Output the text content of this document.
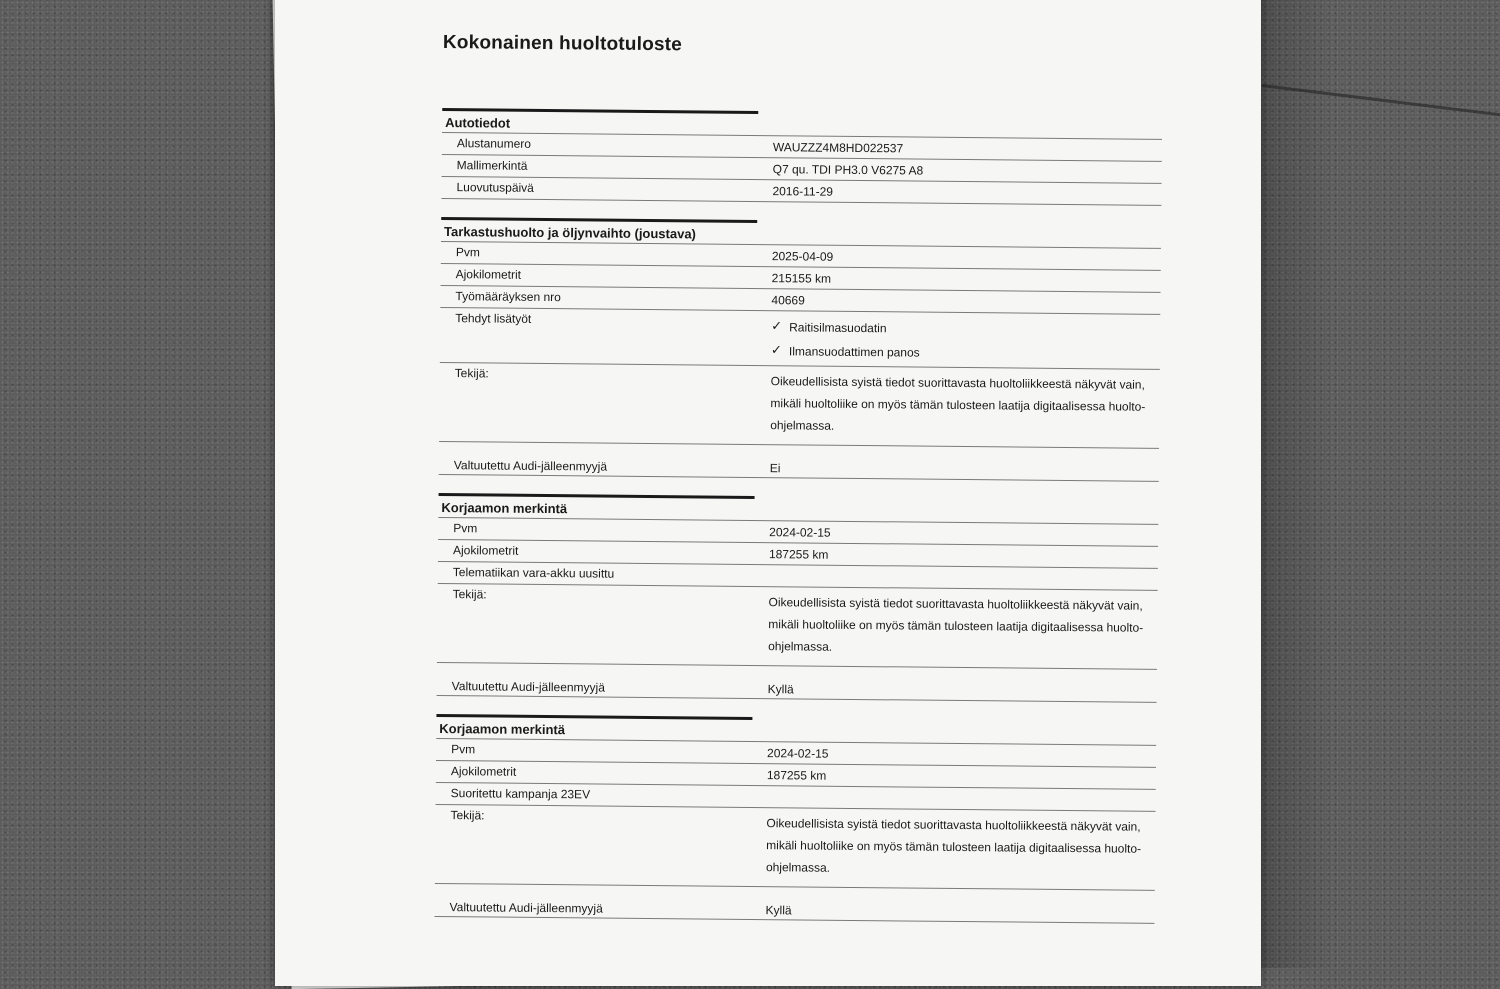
Kokonainen huoltotuloste
Autotiedot
Alustanumero	WAUZZZ4M8HD022537
Mallimerkintä	Q7 qu. TDI PH3.0 V6275 A8
Luovutuspäivä	2016-11-29
Tarkastushuolto ja öljynvaihto (joustava)
Pvm	2025-04-09
Ajokilometrit	215155 km
Työmääräyksen nro	40669
Tehdyt lisätyöt
✓ Raitisilmasuodatin
✓ Ilmansuodattimen panos
Tekijä:
Oikeudellisista syistä tiedot suorittavasta huoltoliikkeestä näkyvät vain, mikäli huoltoliike on myös tämän tulosteen laatija digitaalisessa huolto-ohjelmassa.
Valtuutettu Audi-jälleenmyyjä	Ei
Korjaamon merkintä
Pvm	2024-02-15
Ajokilometrit	187255 km
Telematiikan vara-akku uusittu
Tekijä:
Oikeudellisista syistä tiedot suorittavasta huoltoliikkeestä näkyvät vain, mikäli huoltoliike on myös tämän tulosteen laatija digitaalisessa huolto-ohjelmassa.
Valtuutettu Audi-jälleenmyyjä	Kyllä
Korjaamon merkintä
Pvm	2024-02-15
Ajokilometrit	187255 km
Suoritettu kampanja 23EV
Tekijä:
Oikeudellisista syistä tiedot suorittavasta huoltoliikkeestä näkyvät vain, mikäli huoltoliike on myös tämän tulosteen laatija digitaalisessa huolto-ohjelmassa.
Valtuutettu Audi-jälleenmyyjä	Kyllä
